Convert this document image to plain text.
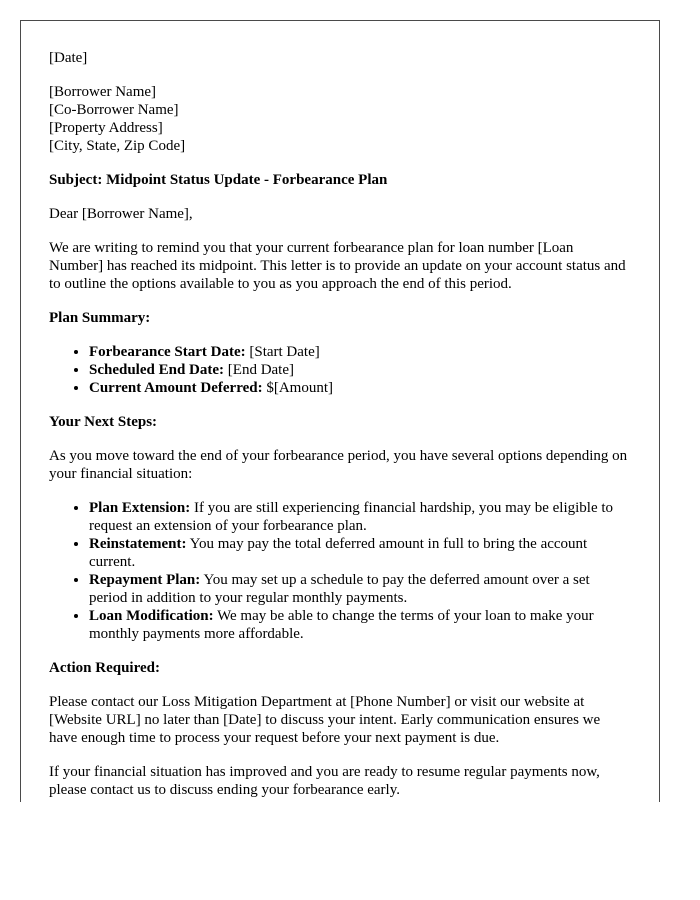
[Date]

[Borrower Name]
[Co-Borrower Name]
[Property Address]
[City, State, Zip Code]

Subject: Midpoint Status Update - Forbearance Plan

Dear [Borrower Name],

We are writing to remind you that your current forbearance plan for loan number [Loan Number] has reached its midpoint. This letter is to provide an update on your account status and to outline the options available to you as you approach the end of this period.

Plan Summary:

• Forbearance Start Date: [Start Date]
• Scheduled End Date: [End Date]
• Current Amount Deferred: $[Amount]

Your Next Steps:

As you move toward the end of your forbearance period, you have several options depending on your financial situation:

• Plan Extension: If you are still experiencing financial hardship, you may be eligible to request an extension of your forbearance plan.
• Reinstatement: You may pay the total deferred amount in full to bring the account current.
• Repayment Plan: You may set up a schedule to pay the deferred amount over a set period in addition to your regular monthly payments.
• Loan Modification: We may be able to change the terms of your loan to make your monthly payments more affordable.

Action Required:

Please contact our Loss Mitigation Department at [Phone Number] or visit our website at [Website URL] no later than [Date] to discuss your intent. Early communication ensures we have enough time to process your request before your next payment is due.

If your financial situation has improved and you are ready to resume regular payments now, please contact us to discuss ending your forbearance early.
